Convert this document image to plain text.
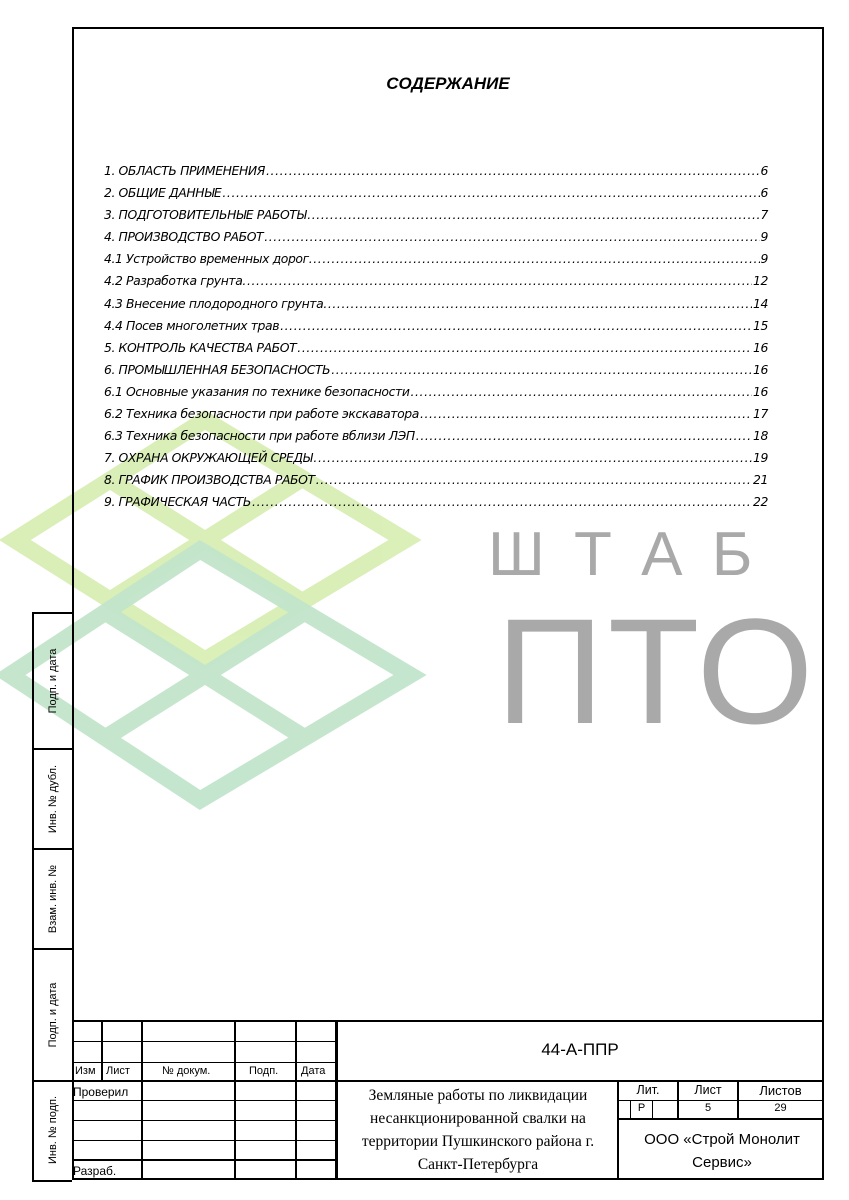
Ш Т А Б
ПТО
СОДЕРЖАНИЕ
1. ОБЛАСТЬ ПРИМЕНЕНИЯ .....	6
2. ОБЩИЕ ДАННЫЕ .....	6
3. ПОДГОТОВИТЕЛЬНЫЕ РАБОТЫ .....	7
4. ПРОИЗВОДСТВО РАБОТ .....	9
4.1 Устройство временных дорог. .....	9
4.2 Разработка грунта. .....	12
4.3 Внесение плодородного грунта. .....	14
4.4 Посев многолетних трав .....	15
5. КОНТРОЛЬ КАЧЕСТВА РАБОТ .....	16
6. ПРОМЫШЛЕННАЯ БЕЗОПАСНОСТЬ .....	16
6.1 Основные указания по технике безопасности .....	16
6.2 Техника безопасности при работе экскаватора .....	17
6.3 Техника безопасности при работе вблизи ЛЭП .....	18
7. ОХРАНА ОКРУЖАЮЩЕЙ СРЕДЫ .....	19
8. ГРАФИК ПРОИЗВОДСТВА РАБОТ .....	21
9. ГРАФИЧЕСКАЯ ЧАСТЬ .....	22
Подп. и дата
Инв. № дубл.
Взам. инв. №
Подп. и дата
Инв. № подп.
44-А-ППР
Изм Лист	№ докум.	Подп. Дата
Проверил
Разраб.
Земляные работы по ликвидации несанкционированной свалки на территории Пушкинского района г. Санкт-Петербурга
Лит.	Лист	Листов
Р	5	29
ООО «Строй Монолит Сервис»
